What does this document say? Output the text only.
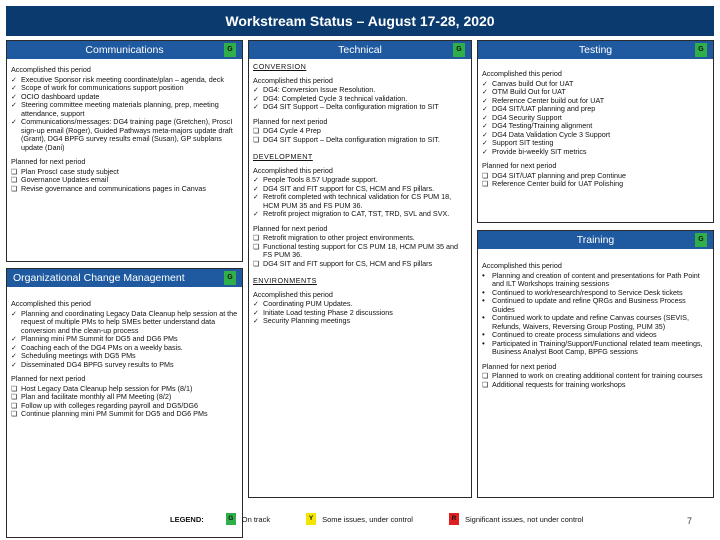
Workstream Status – August 17-28, 2020
Communications	G
Accomplished this period
✓
Executive Sponsor risk meeting coordinate/plan – agenda, deck
✓
Scope of work for communications support position
✓
OCIO dashboard update
✓
Steering committee meeting materials planning, prep, meeting attendance, support
✓
Communications/messages: DG4 training page (Gretchen), ProscI sign-up email (Roger), Guided Pathways meta-majors update draft (Grant), DG4 BPFG survey results email (Susan), GP subplans update (Dani)
Planned for next period
❏
Plan ProscI case study subject
❏
Governance Updates email
❏
Revise governance and communications pages in Canvas
Organizational Change Management	G
Accomplished this period
✓
Planning and coordinating Legacy Data Cleanup help session at the request of multiple PMs to help SMEs better understand data conversion and the clean-up process
✓
Planning mini PM Summit for DG5 and DG6 PMs
✓
Coaching each of the DG4 PMs on a weekly basis.
✓
Scheduling meetings with DG5 PMs
✓
Disseminated DG4 BPFG survey results to PMs
Planned for next period
❏
Host Legacy Data Cleanup help session for PMs (8/1)
❏
Plan and facilitate monthly all PM Meeting (8/2)
❏
Follow up with colleges regarding payroll and DG5/DG6
❏
Continue planning mini PM Summit for DG5 and DG6 PMs
Technical	G
CONVERSION
Accomplished this period
✓
DG4: Conversion Issue Resolution.
✓
DG4: Completed Cycle 3 technical validation.
✓
DG4 SIT Support – Delta configuration migration to SIT
Planned for next period
❏
DG4 Cycle 4 Prep
❏
DG4 SIT Support – Delta configuration migration to SIT.
DEVELOPMENT
Accomplished this period
✓
People Tools 8.57 Upgrade support.
✓
DG4 SIT and FIT support for CS, HCM and FS pillars.
✓
Retrofit completed with technical validation for CS PUM 18, HCM PUM 35 and FS PUM 36.
✓
Retrofit project migration to CAT, TST, TRD, SVL and SVX.
Planned for next period
❏
Retrofit migration to other project environments.
❏
Functional testing support for CS PUM 18, HCM PUM 35 and FS PUM 36.
❏
DG4 SIT and FIT support for CS, HCM and FS pillars
ENVIRONMENTS
Accomplished this period
✓
Coordinating PUM Updates.
✓
Initiate Load testing Phase 2 discussions
✓
Security Planning meetings
Testing	G
Accomplished this period
✓
Canvas build Out for UAT
✓
OTM Build Out for UAT
✓
Reference Center build out for UAT
✓
DG4 SIT/UAT planning and prep
✓
DG4 Security Support
✓
DG4 Testing/Training alignment
✓
DG4 Data Validation Cycle 3 Support
✓
Support SIT testing
✓
Provide bi-weekly SIT metrics
Planned for next period
❏
DG4 SIT/UAT planning and prep Continue
❏
Reference Center build for UAT Polishing
Training	G
Accomplished this period
•
Planning and creation of content and presentations for Path Point and ILT Workshops training sessions
•
Continued to work/research/respond to Service Desk tickets
•
Continued to update and refine QRGs and Business Process Guides
•
Continued work to update and refine Canvas courses (SEVIS, Refunds, Waivers, Reversing Group Posting, PUM 35)
•
Continued to create process simulations and videos
•
Participated in Training/Support/Functional related team meetings, Business Analyst Boot Camp, BPFG sessions
Planned for next period
❏
Planned to work on creating additional content for training courses
❏
Additional requests for training workshops
LEGEND:	G	On track	Y	Some issues, under control	R	Significant issues, not under control	7
